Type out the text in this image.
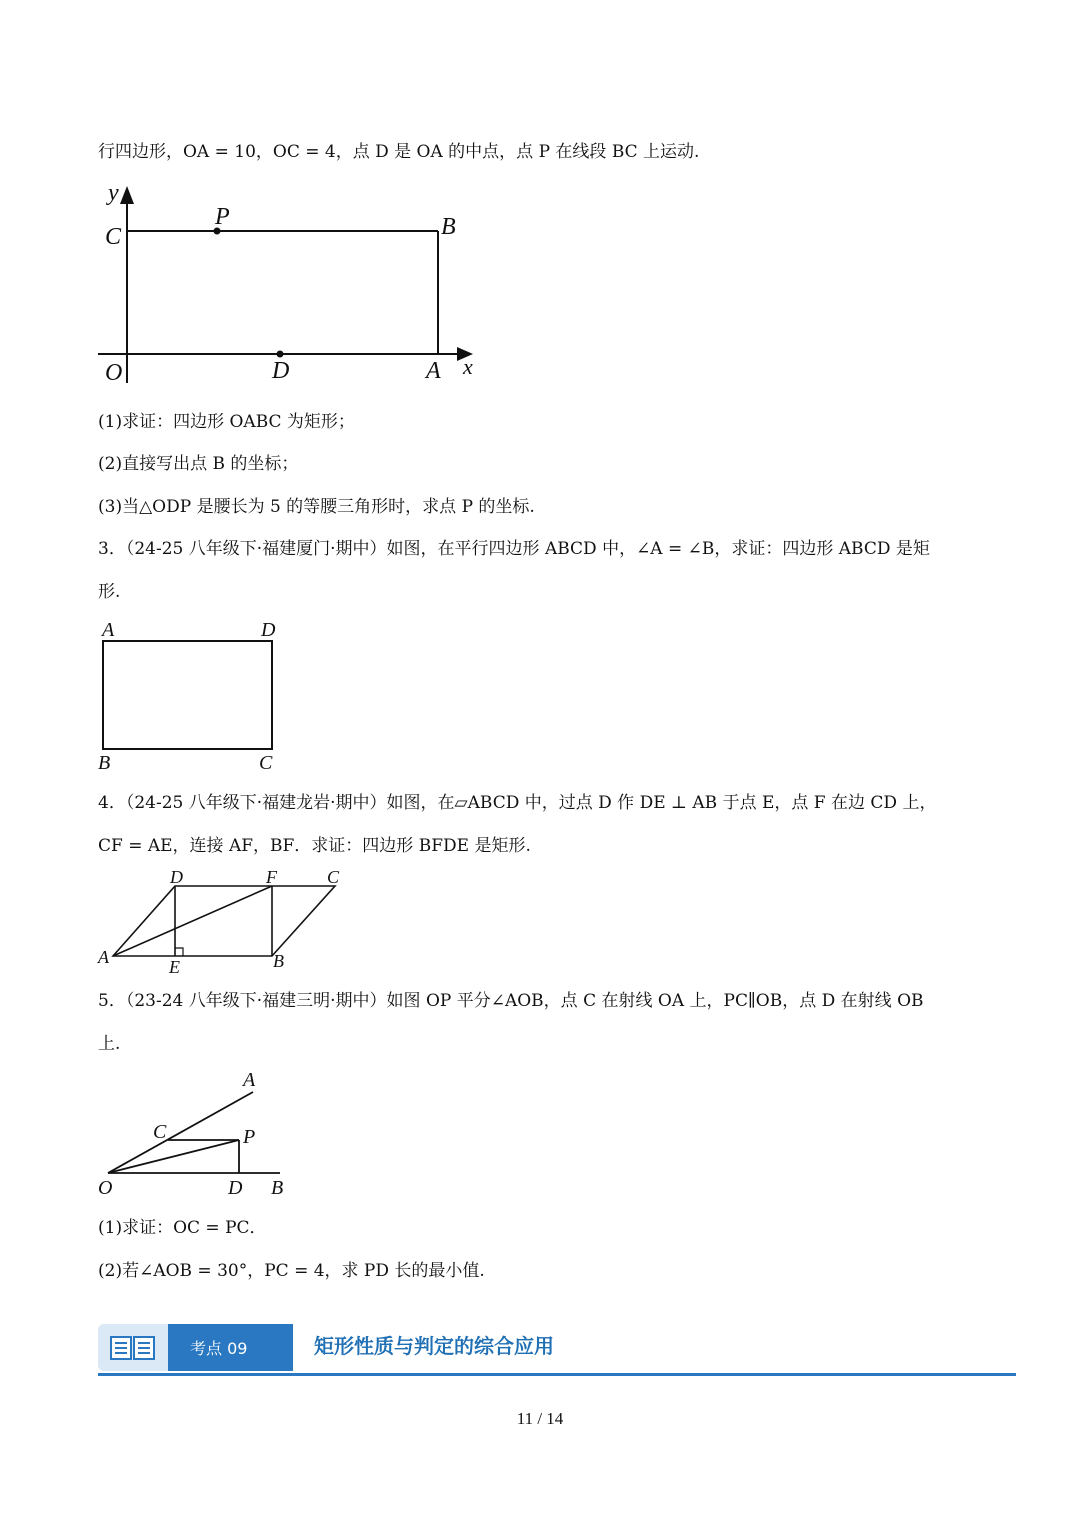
行四边形，OA = 10，OC = 4，点 D 是 OA 的中点，点 P 在线段 BC 上运动.
y
C
P	B
O	D	A x
(1)求证：四边形 OABC 为矩形；
(2)直接写出点 B 的坐标；
(3)当△ODP 是腰长为 5 的等腰三角形时，求点 P 的坐标.
3．（24-25 八年级下·福建厦门·期中）如图，在平行四边形 ABCD 中，∠A = ∠B，求证：四边形 ABCD 是矩
形.
A	D
B	C
4．（24-25 八年级下·福建龙岩·期中）如图，在▱ABCD 中，过点 D 作 DE ⊥ AB 于点 E，点 F 在边 CD 上，
CF = AE，连接 AF，BF．求证：四边形 BFDE 是矩形.
D	F	C
A	E	B
5．（23-24 八年级下·福建三明·期中）如图 OP 平分∠AOB，点 C 在射线 OA 上，PC∥OB，点 D 在射线 OB
上.
A
C	P
O	D B
(1)求证：OC = PC．
(2)若∠AOB = 30°，PC = 4，求 PD 长的最小值.
考点 09	矩形性质与判定的综合应用
11 / 14
